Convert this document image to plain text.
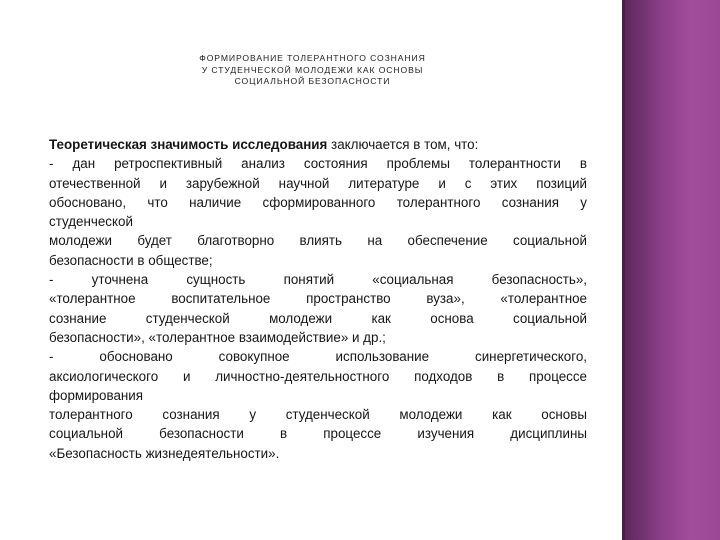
ФОРМИРОВАНИЕ ТОЛЕРАНТНОГО СОЗНАНИЯ
У СТУДЕНЧЕСКОЙ МОЛОДЕЖИ КАК ОСНОВЫ
СОЦИАЛЬНОЙ БЕЗОПАСНОСТИ
Теоретическая значимость исследования заключается в том, что:
- дан ретроспективный анализ состояния проблемы толерантности в
отечественной и зарубежной научной литературе и с этих позиций
обосновано, что наличие сформированного толерантного сознания у
студенческой
молодежи будет благотворно влиять на обеспечение социальной
безопасности в обществе;
- уточнена сущность понятий «социальная безопасность»,
«толерантное воспитательное пространство вуза», «толерантное
сознание студенческой молодежи как основа социальной
безопасности», «толерантное взаимодействие» и др.;
- обосновано совокупное использование синергетического,
аксиологического и личностно-деятельностного подходов в процессе
формирования
толерантного сознания у студенческой молодежи как основы
социальной безопасности в процессе изучения дисциплины
«Безопасность жизнедеятельности».
